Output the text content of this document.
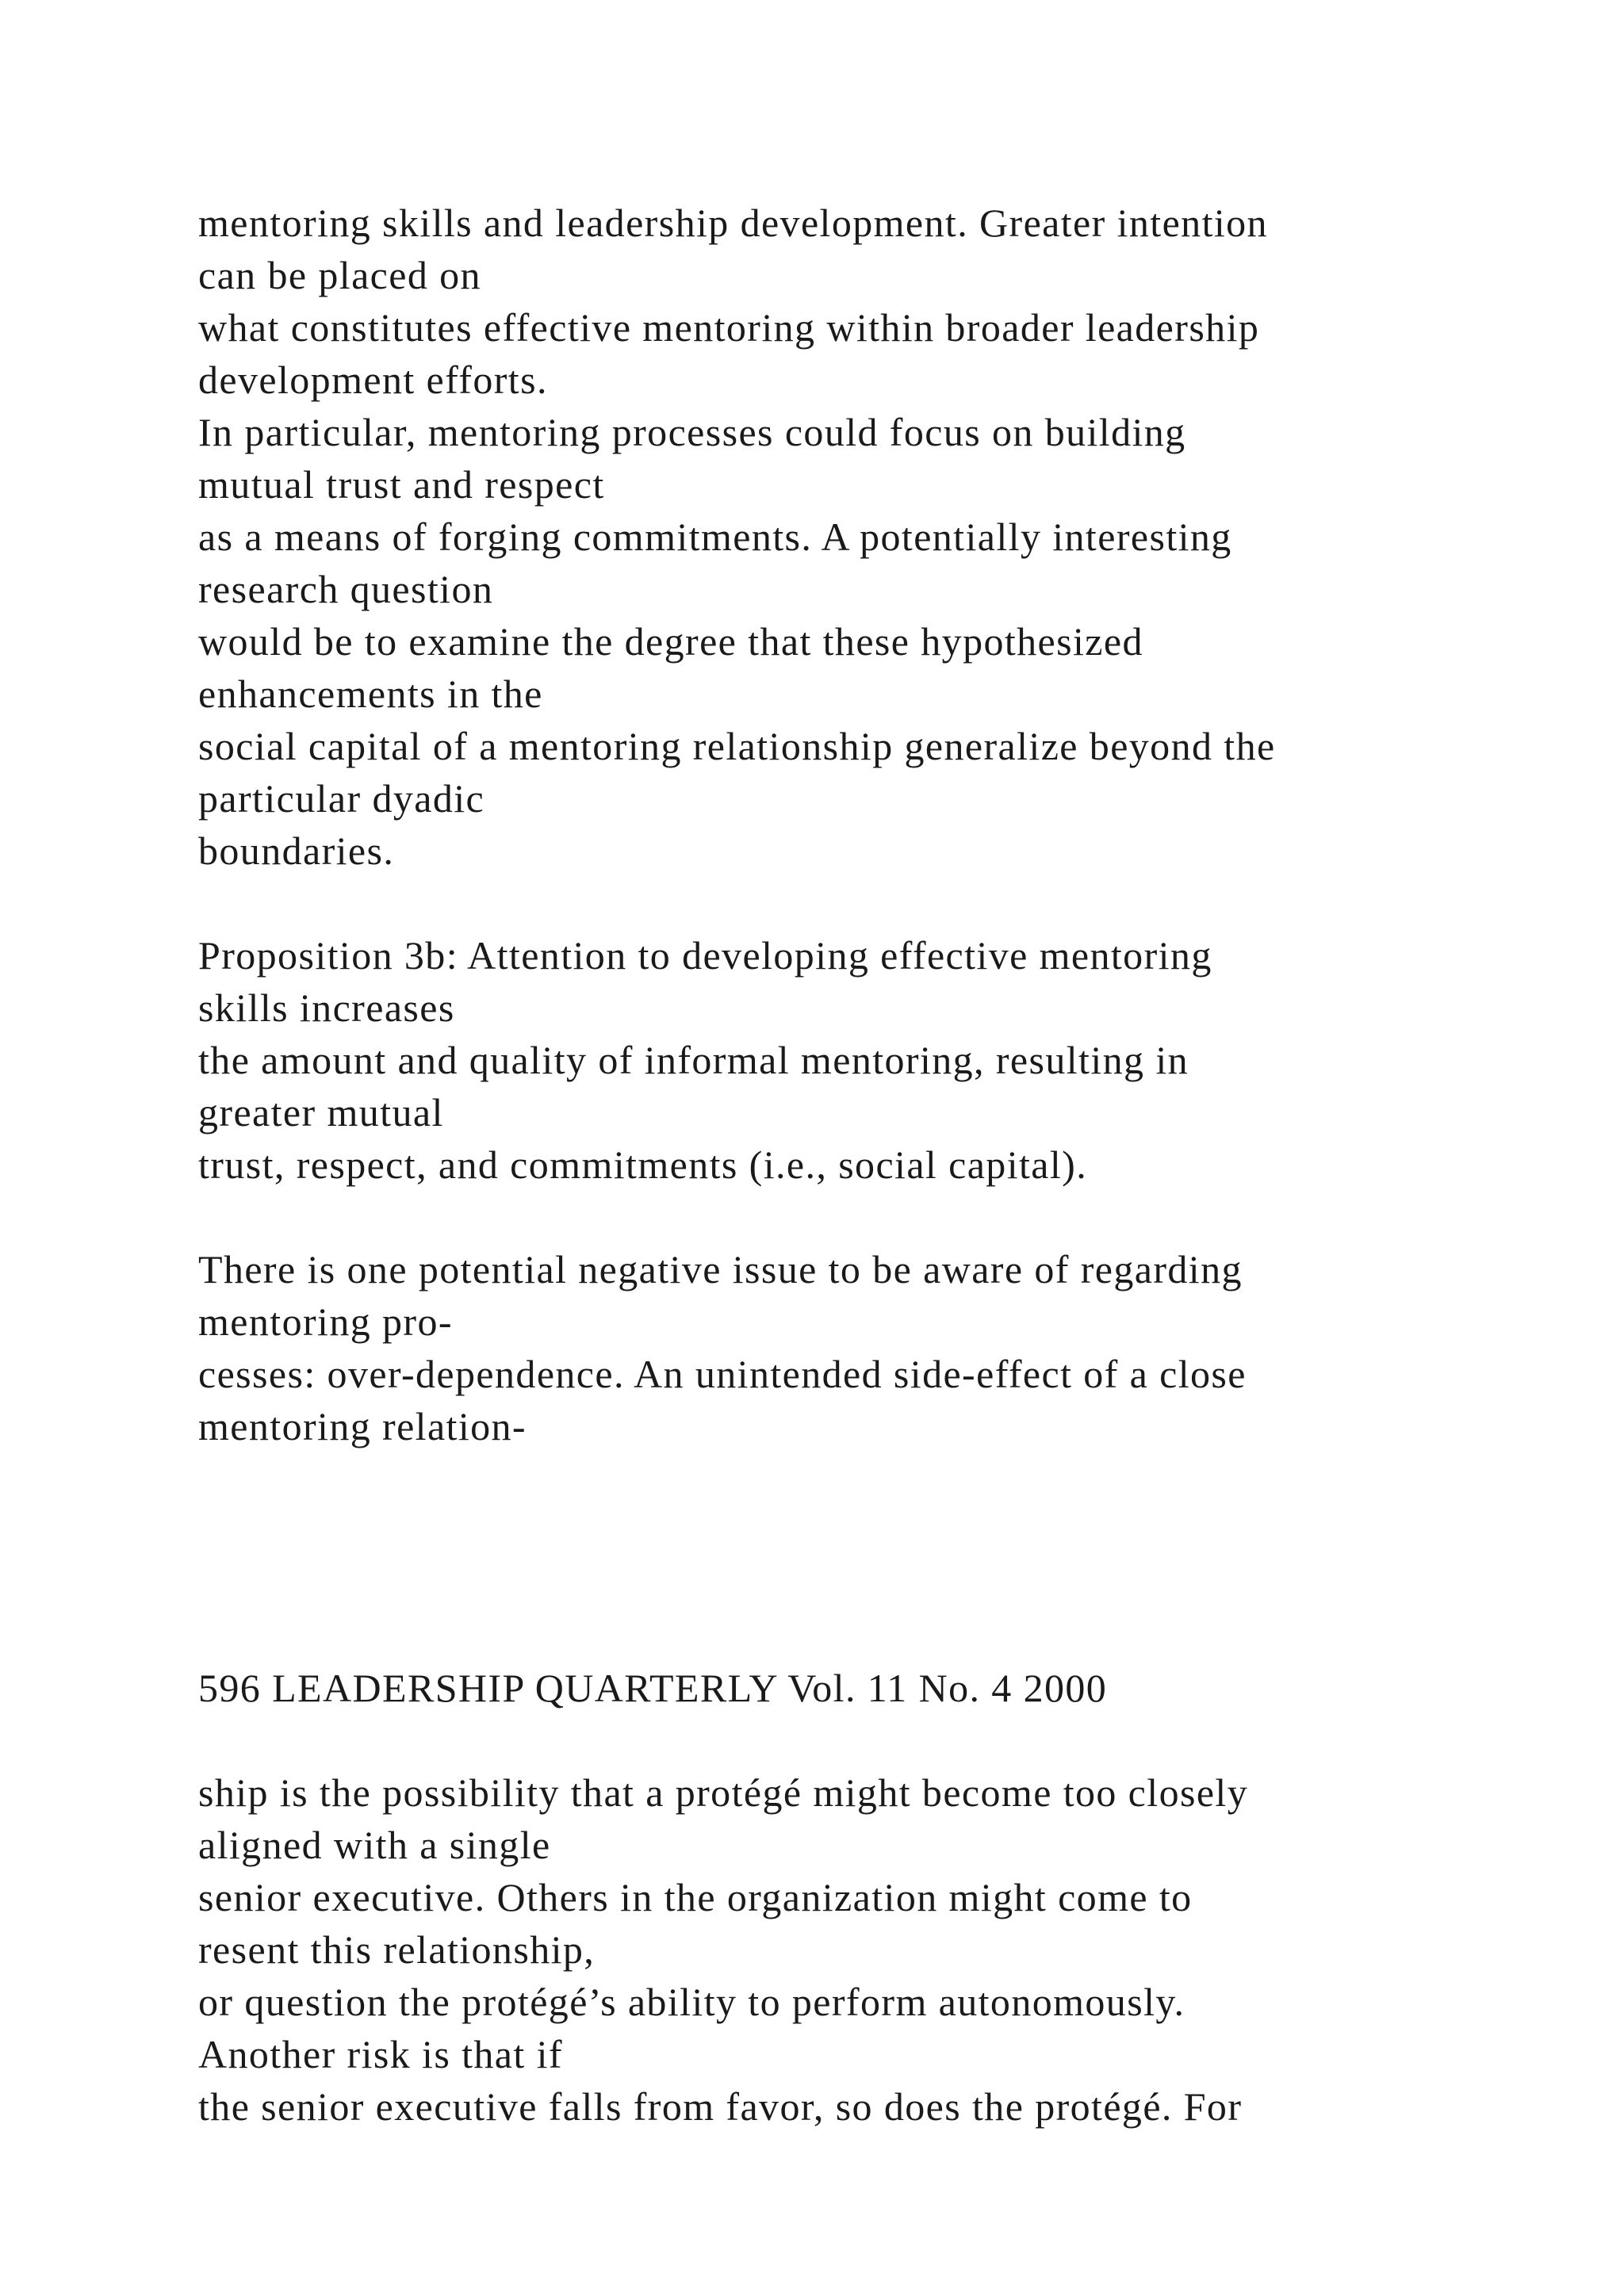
mentoring skills and leadership development. Greater intention
can be placed on
what constitutes effective mentoring within broader leadership
development efforts.
In particular, mentoring processes could focus on building
mutual trust and respect
as a means of forging commitments. A potentially interesting
research question
would be to examine the degree that these hypothesized
enhancements in the
social capital of a mentoring relationship generalize beyond the
particular dyadic
boundaries.
Proposition 3b: Attention to developing effective mentoring
skills increases
the amount and quality of informal mentoring, resulting in
greater mutual
trust, respect, and commitments (i.e., social capital).
There is one potential negative issue to be aware of regarding
mentoring pro-
cesses: over-dependence. An unintended side-effect of a close
mentoring relation-
596 LEADERSHIP QUARTERLY Vol. 11 No. 4 2000
ship is the possibility that a protégé might become too closely
aligned with a single
senior executive. Others in the organization might come to
resent this relationship,
or question the protégé’s ability to perform autonomously.
Another risk is that if
the senior executive falls from favor, so does the protégé. For
